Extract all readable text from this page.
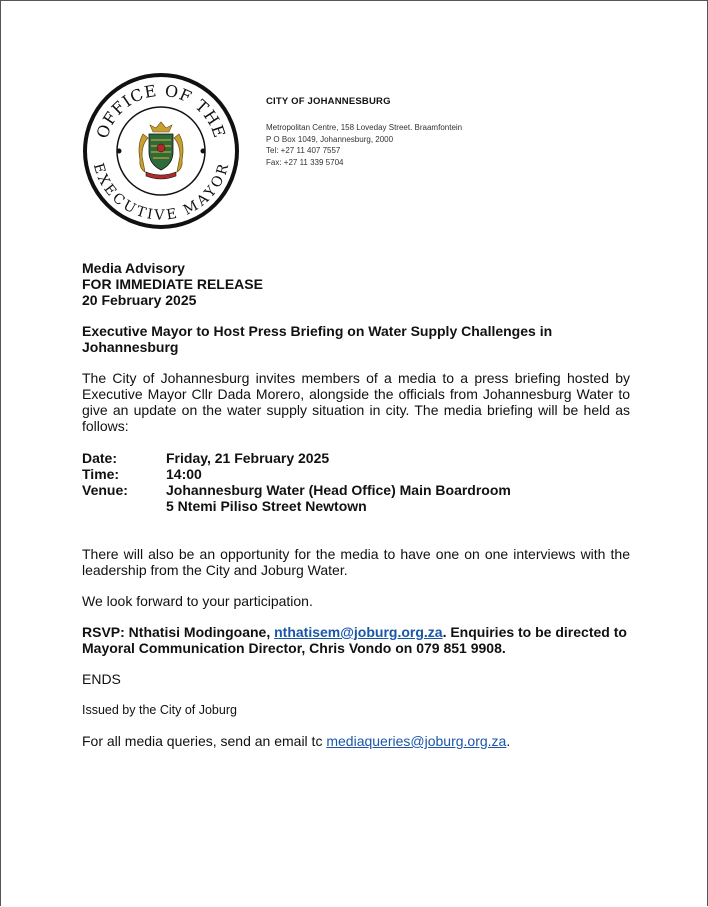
OFFICE OF THE
EXECUTIVE MAYOR
CITY OF JOHANNESBURG
Metropolitan Centre, 158 Loveday Street. Braamfontein
P O Box 1049, Johannesburg, 2000
Tel: +27 11 407 7557
Fax: +27 11 339 5704

Media Advisory

FOR IMMEDIATE RELEASE

20 February 2025

Executive Mayor to Host Press Briefing on Water Supply Challenges in Johannesburg

The City of Johannesburg invites members of a media to a press briefing hosted by Executive Mayor Cllr Dada Morero, alongside the officials from Johannesburg Water to give an update on the water supply situation in city. The media briefing will be held as follows:

Date:	Friday, 21 February 2025
Time:	14:00
Venue:	Johannesburg Water (Head Office) Main Boardroom
5 Ntemi Piliso Street Newtown

There will also be an opportunity for the media to have one on one interviews with the leadership from the City and Joburg Water.

We look forward to your participation.

RSVP: Nthatisi Modingoane, nthatisem@joburg.org.za. Enquiries to be directed to Mayoral Communication Director, Chris Vondo on 079 851 9908.

ENDS

Issued by the City of Joburg

For all media queries, send an email tc mediaqueries@joburg.org.za.
